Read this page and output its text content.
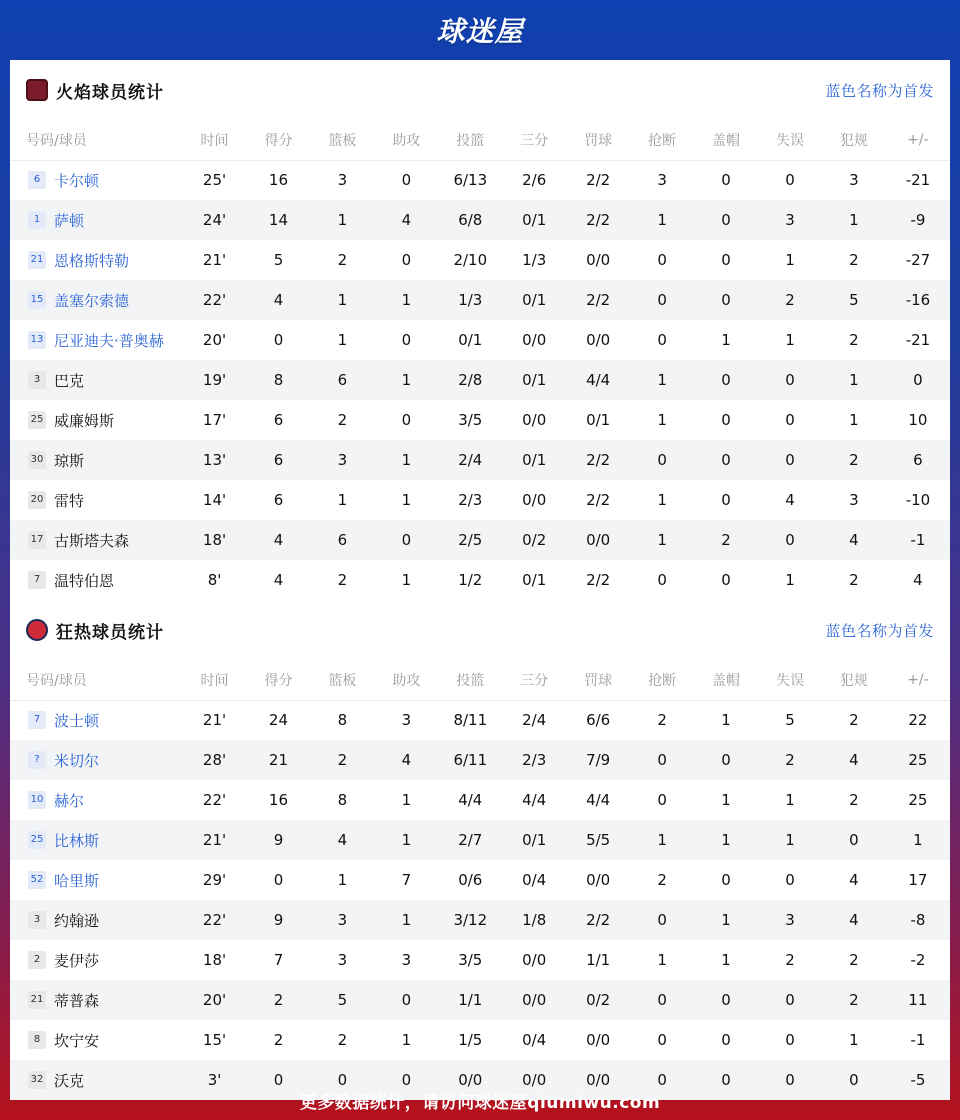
球迷屋
火焰球员统计	蓝色名称为首发
号码/球员	时间	得分	篮板	助攻	投篮	三分	罚球	抢断	盖帽	失误	犯规	+/-
6 卡尔顿	25'	16	3	0	6/13	2/6	2/2	3	0	0	3	-21
1 萨顿	24'	14	1	4	6/8	0/1	2/2	1	0	3	1	-9
21 恩格斯特勒	21'	5	2	0	2/10	1/3	0/0	0	0	1	2	-27
15 盖塞尔索德	22'	4	1	1	1/3	0/1	2/2	0	0	2	5	-16
13 尼亚迪夫·普奥赫	20'	0	1	0	0/1	0/0	0/0	0	1	1	2	-21
3 巴克	19'	8	6	1	2/8	0/1	4/4	1	0	0	1	0
25 威廉姆斯	17'	6	2	0	3/5	0/0	0/1	1	0	0	1	10
30 琼斯	13'	6	3	1	2/4	0/1	2/2	0	0	0	2	6
20 雷特	14'	6	1	1	2/3	0/0	2/2	1	0	4	3	-10
17 古斯塔夫森	18'	4	6	0	2/5	0/2	0/0	1	2	0	4	-1
7 温特伯恩	8'	4	2	1	1/2	0/1	2/2	0	0	1	2	4
狂热球员统计	蓝色名称为首发
号码/球员	时间	得分	篮板	助攻	投篮	三分	罚球	抢断	盖帽	失误	犯规	+/-
7 波士顿	21'	24	8	3	8/11	2/4	6/6	2	1	5	2	22
? 米切尔	28'	21	2	4	6/11	2/3	7/9	0	0	2	4	25
10 赫尔	22'	16	8	1	4/4	4/4	4/4	0	1	1	2	25
25 比林斯	21'	9	4	1	2/7	0/1	5/5	1	1	1	0	1
52 哈里斯	29'	0	1	7	0/6	0/4	0/0	2	0	0	4	17
3 约翰逊	22'	9	3	1	3/12	1/8	2/2	0	1	3	4	-8
2 麦伊莎	18'	7	3	3	3/5	0/0	1/1	1	1	2	2	-2
21 蒂普森	20'	2	5	0	1/1	0/0	0/2	0	0	0	2	11
8 坎宁安	15'	2	2	1	1/5	0/4	0/0	0	0	0	1	-1
32 沃克	3'	0	0	0	0/0	0/0	0/0	0	0	0	0	-5
更多数据统计，请访问球迷屋qiumiwu.com
